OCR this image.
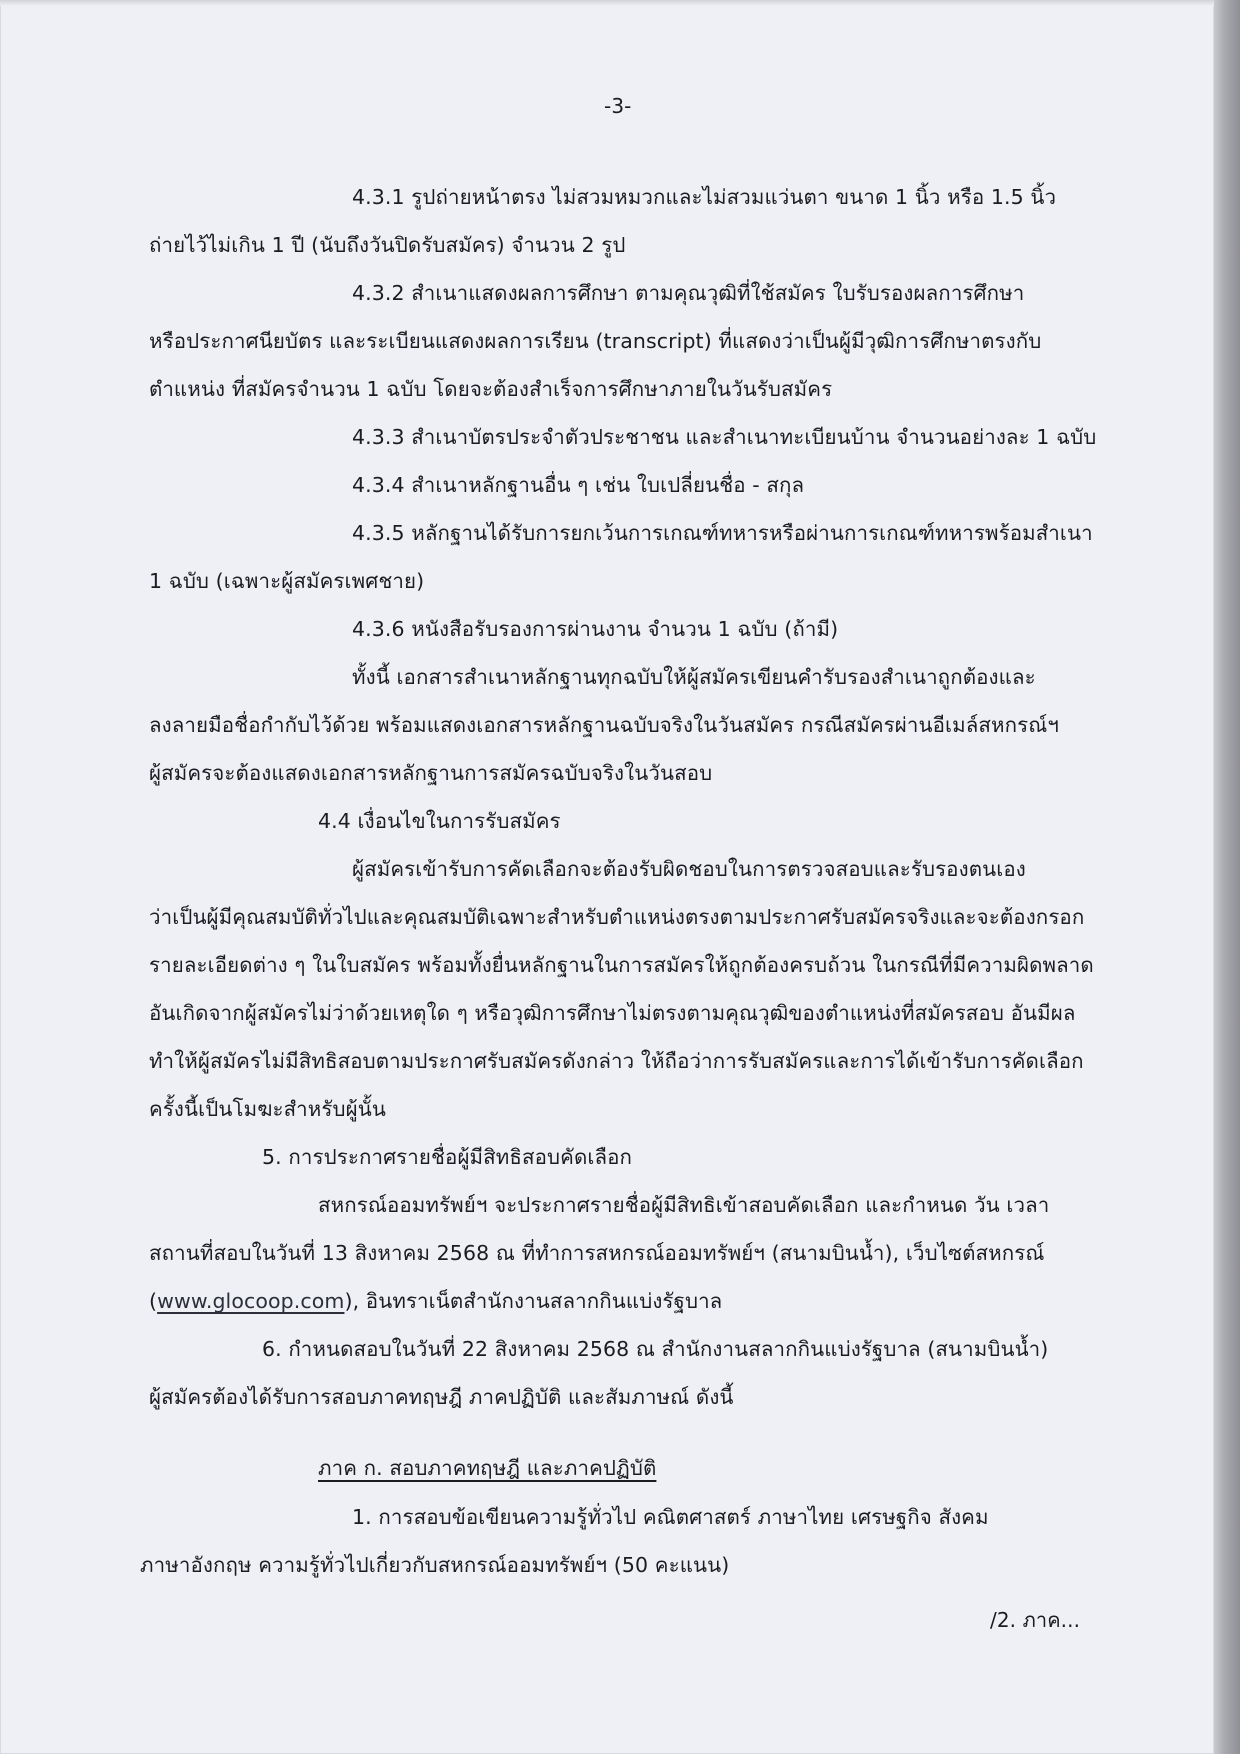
-3-
4.3.1 รูปถ่ายหน้าตรง ไม่สวมหมวกและไม่สวมแว่นตา ขนาด 1 นิ้ว หรือ 1.5 นิ้ว
ถ่ายไว้ไม่เกิน 1 ปี (นับถึงวันปิดรับสมัคร) จำนวน 2 รูป
4.3.2 สำเนาแสดงผลการศึกษา ตามคุณวุฒิที่ใช้สมัคร ใบรับรองผลการศึกษา
หรือประกาศนียบัตร และระเบียนแสดงผลการเรียน (transcript) ที่แสดงว่าเป็นผู้มีวุฒิการศึกษาตรงกับ
ตำแหน่ง ที่สมัครจำนวน 1 ฉบับ โดยจะต้องสำเร็จการศึกษาภายในวันรับสมัคร
4.3.3 สำเนาบัตรประจำตัวประชาชน และสำเนาทะเบียนบ้าน จำนวนอย่างละ 1 ฉบับ
4.3.4 สำเนาหลักฐานอื่น ๆ เช่น ใบเปลี่ยนชื่อ - สกุล
4.3.5 หลักฐานได้รับการยกเว้นการเกณฑ์ทหารหรือผ่านการเกณฑ์ทหารพร้อมสำเนา
1 ฉบับ (เฉพาะผู้สมัครเพศชาย)
4.3.6 หนังสือรับรองการผ่านงาน จำนวน 1 ฉบับ (ถ้ามี)
ทั้งนี้ เอกสารสำเนาหลักฐานทุกฉบับให้ผู้สมัครเขียนคำรับรองสำเนาถูกต้องและ
ลงลายมือชื่อกำกับไว้ด้วย พร้อมแสดงเอกสารหลักฐานฉบับจริงในวันสมัคร กรณีสมัครผ่านอีเมล์สหกรณ์ฯ
ผู้สมัครจะต้องแสดงเอกสารหลักฐานการสมัครฉบับจริงในวันสอบ
4.4 เงื่อนไขในการรับสมัคร
ผู้สมัครเข้ารับการคัดเลือกจะต้องรับผิดชอบในการตรวจสอบและรับรองตนเอง
ว่าเป็นผู้มีคุณสมบัติทั่วไปและคุณสมบัติเฉพาะสำหรับตำแหน่งตรงตามประกาศรับสมัครจริงและจะต้องกรอก
รายละเอียดต่าง ๆ ในใบสมัคร พร้อมทั้งยื่นหลักฐานในการสมัครให้ถูกต้องครบถ้วน ในกรณีที่มีความผิดพลาด
อันเกิดจากผู้สมัครไม่ว่าด้วยเหตุใด ๆ หรือวุฒิการศึกษาไม่ตรงตามคุณวุฒิของตำแหน่งที่สมัครสอบ อันมีผล
ทำให้ผู้สมัครไม่มีสิทธิสอบตามประกาศรับสมัครดังกล่าว ให้ถือว่าการรับสมัครและการได้เข้ารับการคัดเลือก
ครั้งนี้เป็นโมฆะสำหรับผู้นั้น
5. การประกาศรายชื่อผู้มีสิทธิสอบคัดเลือก
สหกรณ์ออมทรัพย์ฯ จะประกาศรายชื่อผู้มีสิทธิเข้าสอบคัดเลือก และกำหนด วัน เวลา
สถานที่สอบในวันที่ 13 สิงหาคม 2568 ณ ที่ทำการสหกรณ์ออมทรัพย์ฯ (สนามบินน้ำ), เว็บไซต์สหกรณ์
(www.glocoop.com), อินทราเน็ตสำนักงานสลากกินแบ่งรัฐบาล
6. กำหนดสอบในวันที่ 22 สิงหาคม 2568 ณ สำนักงานสลากกินแบ่งรัฐบาล (สนามบินน้ำ)
ผู้สมัครต้องได้รับการสอบภาคทฤษฎี ภาคปฏิบัติ และสัมภาษณ์ ดังนี้
ภาค ก. สอบภาคทฤษฎี และภาคปฏิบัติ
1. การสอบข้อเขียนความรู้ทั่วไป คณิตศาสตร์ ภาษาไทย เศรษฐกิจ สังคม
ภาษาอังกฤษ ความรู้ทั่วไปเกี่ยวกับสหกรณ์ออมทรัพย์ฯ (50 คะแนน)
/2. ภาค...
